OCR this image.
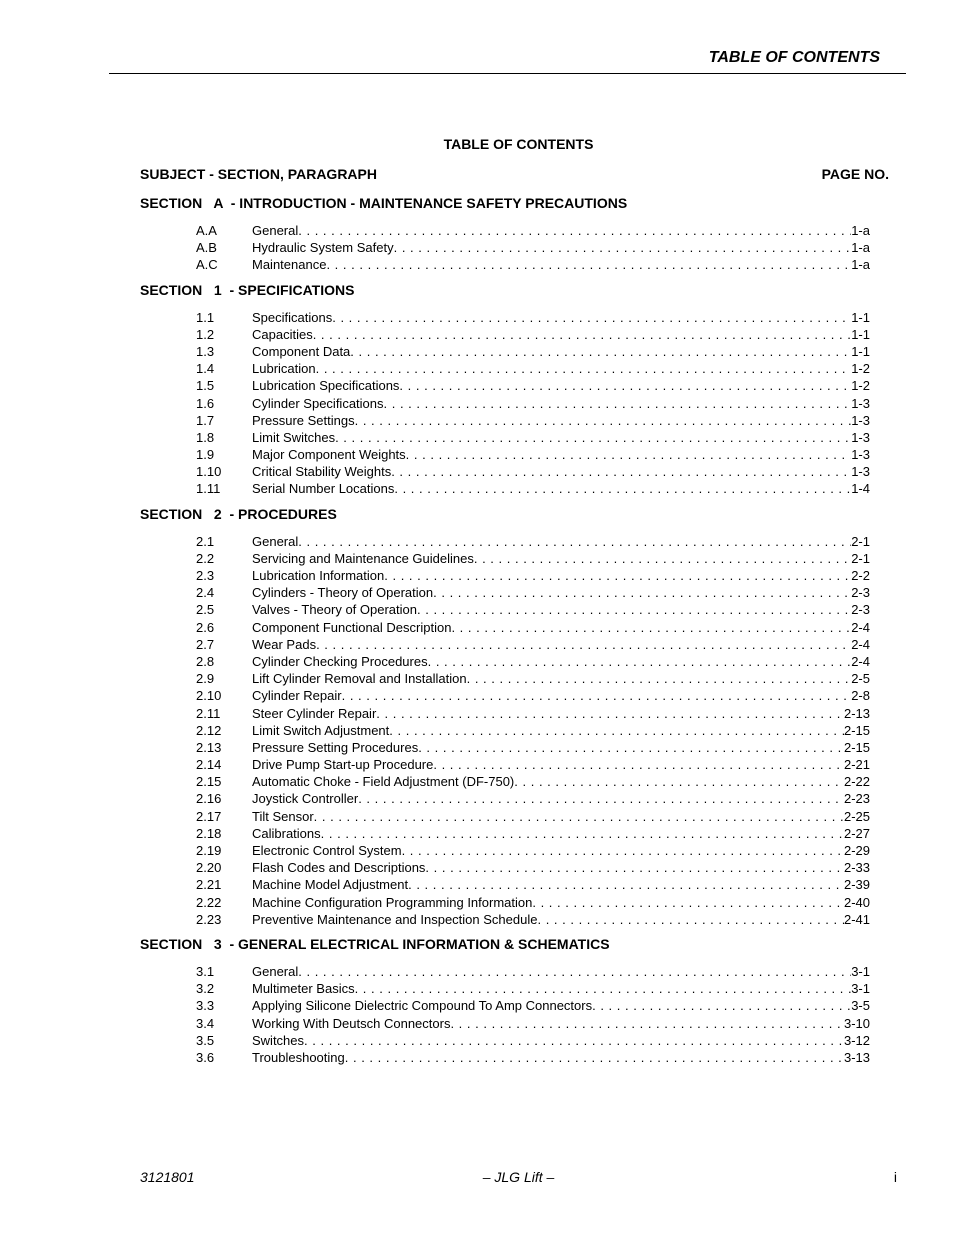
TABLE OF CONTENTS
TABLE OF CONTENTS
SUBJECT - SECTION, PARAGRAPH	PAGE NO.
SECTION   A  - INTRODUCTION - MAINTENANCE SAFETY PRECAUTIONS
A.A	General . . .	1-a
A.B	Hydraulic System Safety . . .	1-a
A.C	Maintenance . . .	1-a
SECTION   1  - SPECIFICATIONS
1.1	Specifications . . .	1-1
1.2	Capacities . . .	1-1
1.3	Component Data . . .	1-1
1.4	Lubrication . . .	1-2
1.5	Lubrication Specifications . . .	1-2
1.6	Cylinder Specifications . . .	1-3
1.7	Pressure Settings . . .	1-3
1.8	Limit Switches . . .	1-3
1.9	Major Component Weights . . .	1-3
1.10	Critical Stability Weights . . .	1-3
1.11	Serial Number Locations . . .	1-4
SECTION   2  - PROCEDURES
2.1	General . . .	2-1
2.2	Servicing and Maintenance Guidelines . . .	2-1
2.3	Lubrication Information . . .	2-2
2.4	Cylinders - Theory of Operation . . .	2-3
2.5	Valves - Theory of Operation . . .	2-3
2.6	Component Functional Description . . .	2-4
2.7	Wear Pads . . .	2-4
2.8	Cylinder Checking Procedures . . .	2-4
2.9	Lift Cylinder Removal and Installation . . .	2-5
2.10	Cylinder Repair . . .	2-8
2.11	Steer Cylinder Repair . . .	2-13
2.12	Limit Switch Adjustment . . .	2-15
2.13	Pressure Setting Procedures . . .	2-15
2.14	Drive Pump Start-up Procedure . . .	2-21
2.15	Automatic Choke - Field Adjustment (DF-750) . . .	2-22
2.16	Joystick Controller . . .	2-23
2.17	Tilt Sensor . . .	2-25
2.18	Calibrations . . .	2-27
2.19	Electronic Control System . . .	2-29
2.20	Flash Codes and Descriptions . . .	2-33
2.21	Machine Model Adjustment . . .	2-39
2.22	Machine Configuration Programming Information . . .	2-40
2.23	Preventive Maintenance and Inspection Schedule . . .	2-41
SECTION   3  - GENERAL ELECTRICAL INFORMATION & SCHEMATICS
3.1	General . . .	3-1
3.2	Multimeter Basics . . .	3-1
3.3	Applying Silicone Dielectric Compound To Amp Connectors . . .	3-5
3.4	Working With Deutsch Connectors . . .	3-10
3.5	Switches . . .	3-12
3.6	Troubleshooting . . .	3-13
3121801	– JLG Lift –	i
